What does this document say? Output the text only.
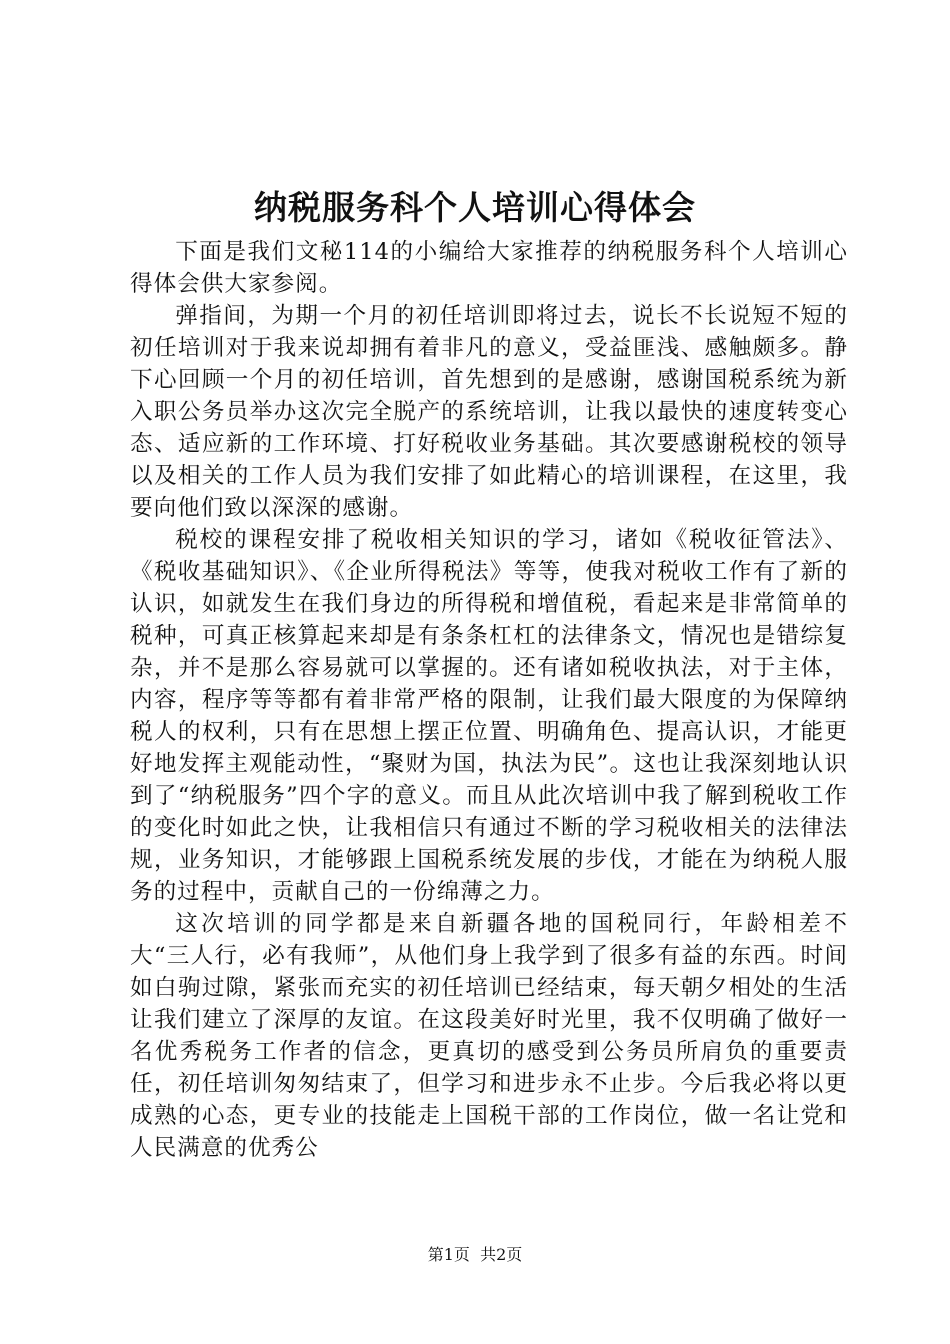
纳税服务科个人培训心得体会

下面是我们文秘114的小编给大家推荐的纳税服务科个人培训心得体会供大家参阅。

弹指间，为期一个月的初任培训即将过去，说长不长说短不短的初任培训对于我来说却拥有着非凡的意义，受益匪浅、感触颇多。静下心回顾一个月的初任培训，首先想到的是感谢，感谢国税系统为新入职公务员举办这次完全脱产的系统培训，让我以最快的速度转变心态、适应新的工作环境、打好税收业务基础。其次要感谢税校的领导以及相关的工作人员为我们安排了如此精心的培训课程，在这里，我要向他们致以深深的感谢。

税校的课程安排了税收相关知识的学习，诸如《税收征管法》、《税收基础知识》、《企业所得税法》等等，使我对税收工作有了新的认识，如就发生在我们身边的所得税和增值税，看起来是非常简单的税种，可真正核算起来却是有条条杠杠的法律条文，情况也是错综复杂，并不是那么容易就可以掌握的。还有诸如税收执法，对于主体，内容，程序等等都有着非常严格的限制，让我们最大限度的为保障纳税人的权利，只有在思想上摆正位置、明确角色、提高认识，才能更好地发挥主观能动性，“聚财为国，执法为民”。这也让我深刻地认识到了“纳税服务”四个字的意义。而且从此次培训中我了解到税收工作的变化时如此之快，让我相信只有通过不断的学习税收相关的法律法规，业务知识，才能够跟上国税系统发展的步伐，才能在为纳税人服务的过程中，贡献自己的一份绵薄之力。

这次培训的同学都是来自新疆各地的国税同行，年龄相差不大“三人行，必有我师”，从他们身上我学到了很多有益的东西。时间如白驹过隙，紧张而充实的初任培训已经结束，每天朝夕相处的生活让我们建立了深厚的友谊。在这段美好时光里，我不仅明确了做好一名优秀税务工作者的信念，更真切的感受到公务员所肩负的重要责任，初任培训匆匆结束了，但学习和进步永不止步。今后我必将以更成熟的心态，更专业的技能走上国税干部的工作岗位，做一名让党和人民满意的优秀公

第1页  共2页
